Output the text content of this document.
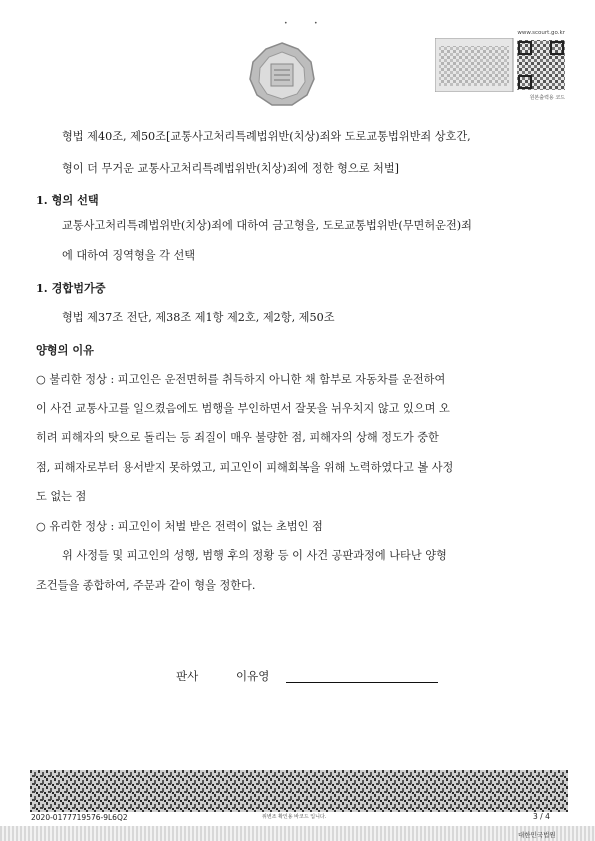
•	•
www.scourt.go.kr
원본출력용 코드
형법 제40조, 제50조[교통사고처리특례법위반(치상)죄와 도로교통법위반죄 상호간,
형이 더 무거운 교통사고처리특례법위반(치상)죄에 정한 형으로 처벌]
1. 형의 선택
교통사고처리특례법위반(치상)죄에 대하여 금고형을, 도로교통법위반(무면허운전)죄
에 대하여 징역형을 각 선택
1. 경합범가중
형법 제37조 전단, 제38조 제1항 제2호, 제2항, 제50조
양형의 이유
○ 불리한 정상 : 피고인은 운전면허를 취득하지 아니한 채 함부로 자동차를 운전하여
이 사건 교통사고를 일으켰음에도 범행을 부인하면서 잘못을 뉘우치지 않고 있으며 오
히려 피해자의 탓으로 돌리는 등 죄질이 매우 불량한 점, 피해자의 상해 정도가 중한
점, 피해자로부터 용서받지 못하였고, 피고인이 피해회복을 위해 노력하였다고 볼 사정
도 없는 점
○ 유리한 정상 : 피고인이 처벌 받은 전력이 없는 초범인 점
위 사정들 및 피고인의 성행, 범행 후의 정황 등 이 사건 공판과정에 나타난 양형
조건들을 종합하여, 주문과 같이 형을 정한다.
판사	이유영
2020-0177719576-9L6Q2	위변조 확인용 바코드 입니다.	3 / 4
대한민국법원
